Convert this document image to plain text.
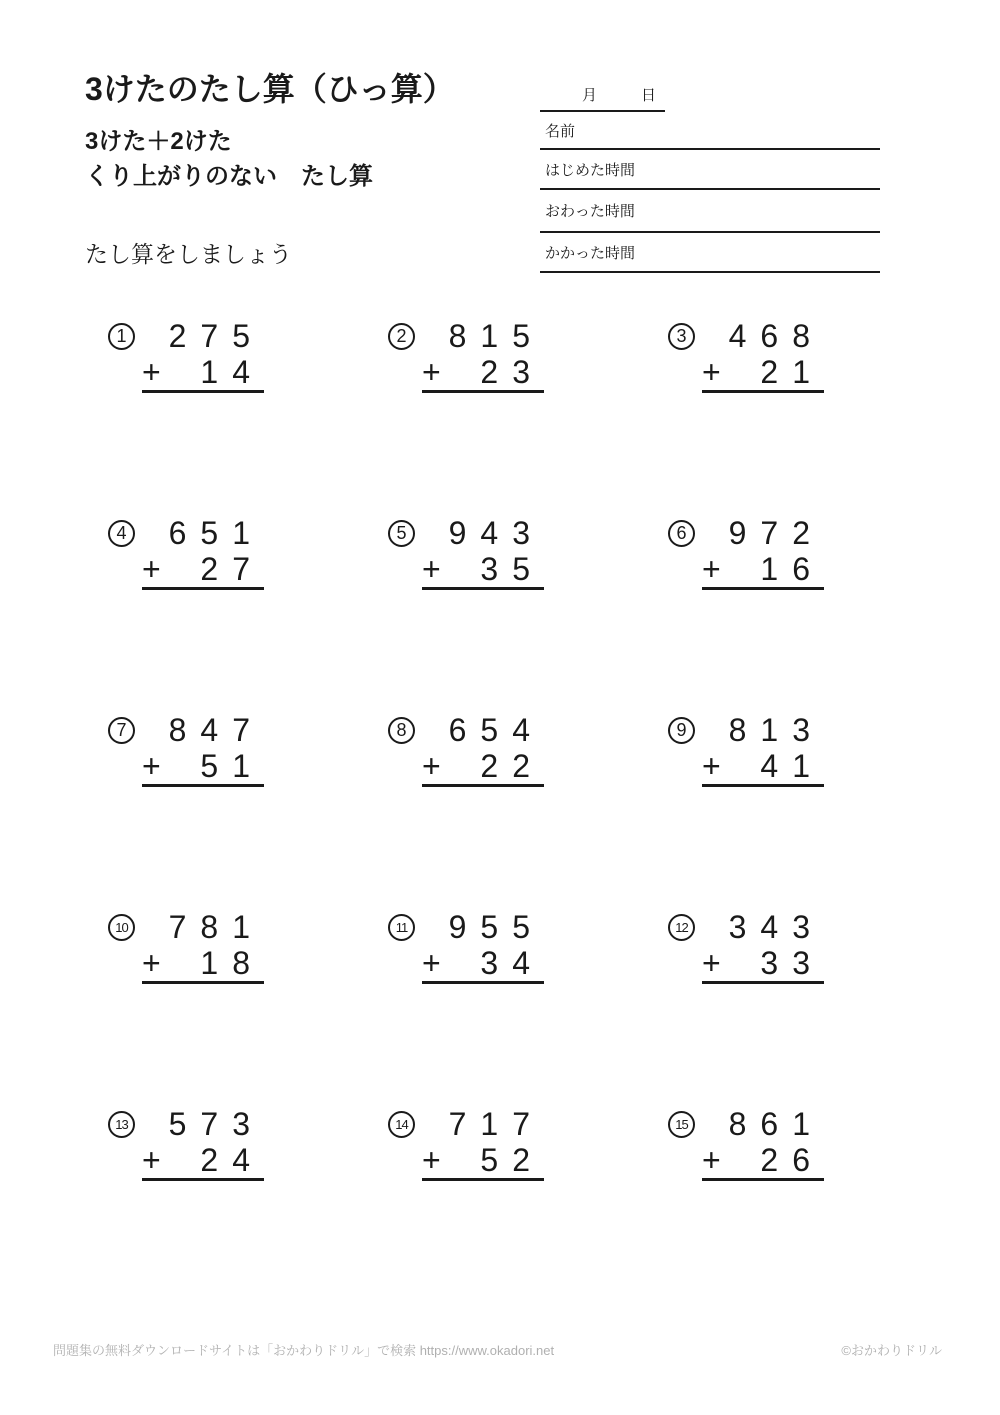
3けたのたし算（ひっ算）
3けた＋2けた
くり上がりのない　たし算
たし算をしましょう
月	日
名前
はじめた時間
おわった時間
かかった時間
1	275
+	14
2	815
+	23
3	468
+	21
4	651
+	27
5	943
+	35
6	972
+	16
7	847
+	51
8	654
+	22
9	813
+	41
10	781
+	18
11	955
+	34
12	343
+	33
13	573
+	24
14	717
+	52
15	861
+	26
問題集の無料ダウンロードサイトは「おかわりドリル」で検索 https://www.okadori.net	©おかわりドリル
